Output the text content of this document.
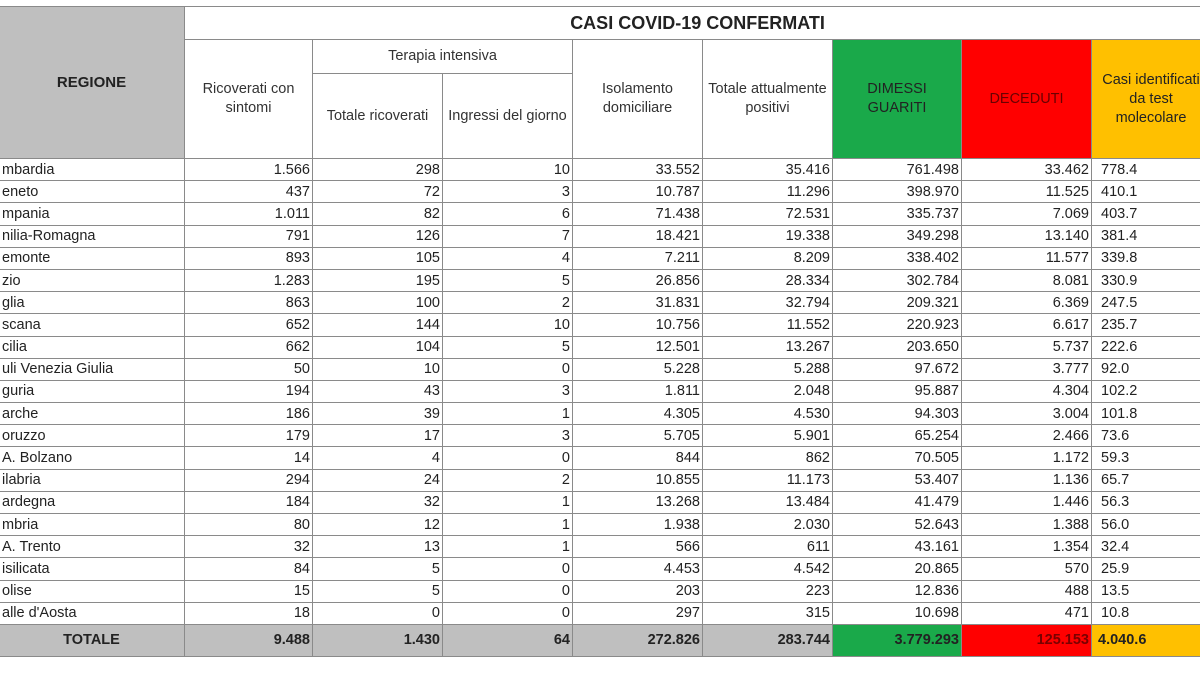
REGIONE	CASI COVID-19 CONFERMATI							
	Ricoverati con sintomi	Terapia intensiva		Isolamento domiciliare	Totale attualmente positivi	DIMESSI GUARITI	DECEDUTI	Casi identificati da test molecolare
		Totale ricoverati	Ingressi del giorno					
mbardia	1.566	298	10	33.552	35.416	761.498	33.462	778.4
eneto	437	72	3	10.787	11.296	398.970	11.525	410.1
mpania	1.011	82	6	71.438	72.531	335.737	7.069	403.7
nilia-Romagna	791	126	7	18.421	19.338	349.298	13.140	381.4
emonte	893	105	4	7.211	8.209	338.402	11.577	339.8
zio	1.283	195	5	26.856	28.334	302.784	8.081	330.9
glia	863	100	2	31.831	32.794	209.321	6.369	247.5
scana	652	144	10	10.756	11.552	220.923	6.617	235.7
cilia	662	104	5	12.501	13.267	203.650	5.737	222.6
uli Venezia Giulia	50	10	0	5.228	5.288	97.672	3.777	92.0
guria	194	43	3	1.811	2.048	95.887	4.304	102.2
arche	186	39	1	4.305	4.530	94.303	3.004	101.8
oruzzo	179	17	3	5.705	5.901	65.254	2.466	73.6
A. Bolzano	14	4	0	844	862	70.505	1.172	59.3
ilabria	294	24	2	10.855	11.173	53.407	1.136	65.7
ardegna	184	32	1	13.268	13.484	41.479	1.446	56.3
mbria	80	12	1	1.938	2.030	52.643	1.388	56.0
A. Trento	32	13	1	566	611	43.161	1.354	32.4
isilicata	84	5	0	4.453	4.542	20.865	570	25.9
olise	15	5	0	203	223	12.836	488	13.5
alle d'Aosta	18	0	0	297	315	10.698	471	10.8
TOTALE	9.488	1.430	64	272.826	283.744	3.779.293	125.153	4.040.6
